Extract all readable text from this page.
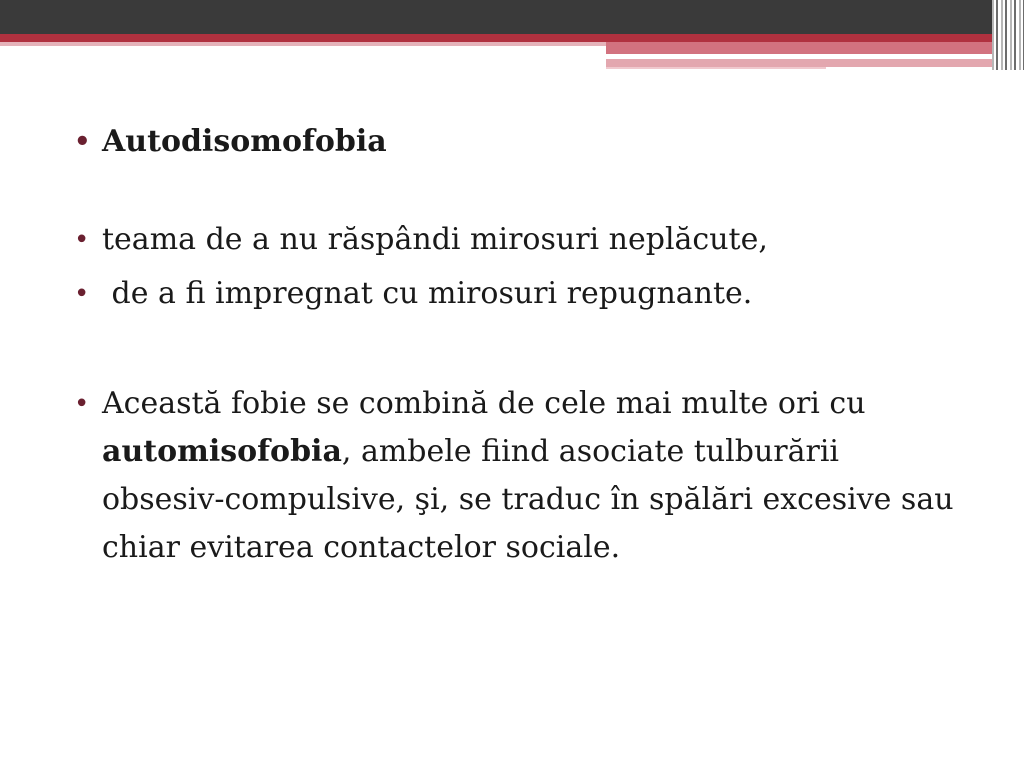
• Autodisomofobia
• teama de a nu răspândi mirosuri neplăcute,
•  de a fi impregnat cu mirosuri repugnante.
• Această fobie se combină de cele mai multe ori cu automisofobia, ambele fiind asociate tulburării obsesiv-compulsive, şi, se traduc în spălări excesive sau chiar evitarea contactelor sociale.
